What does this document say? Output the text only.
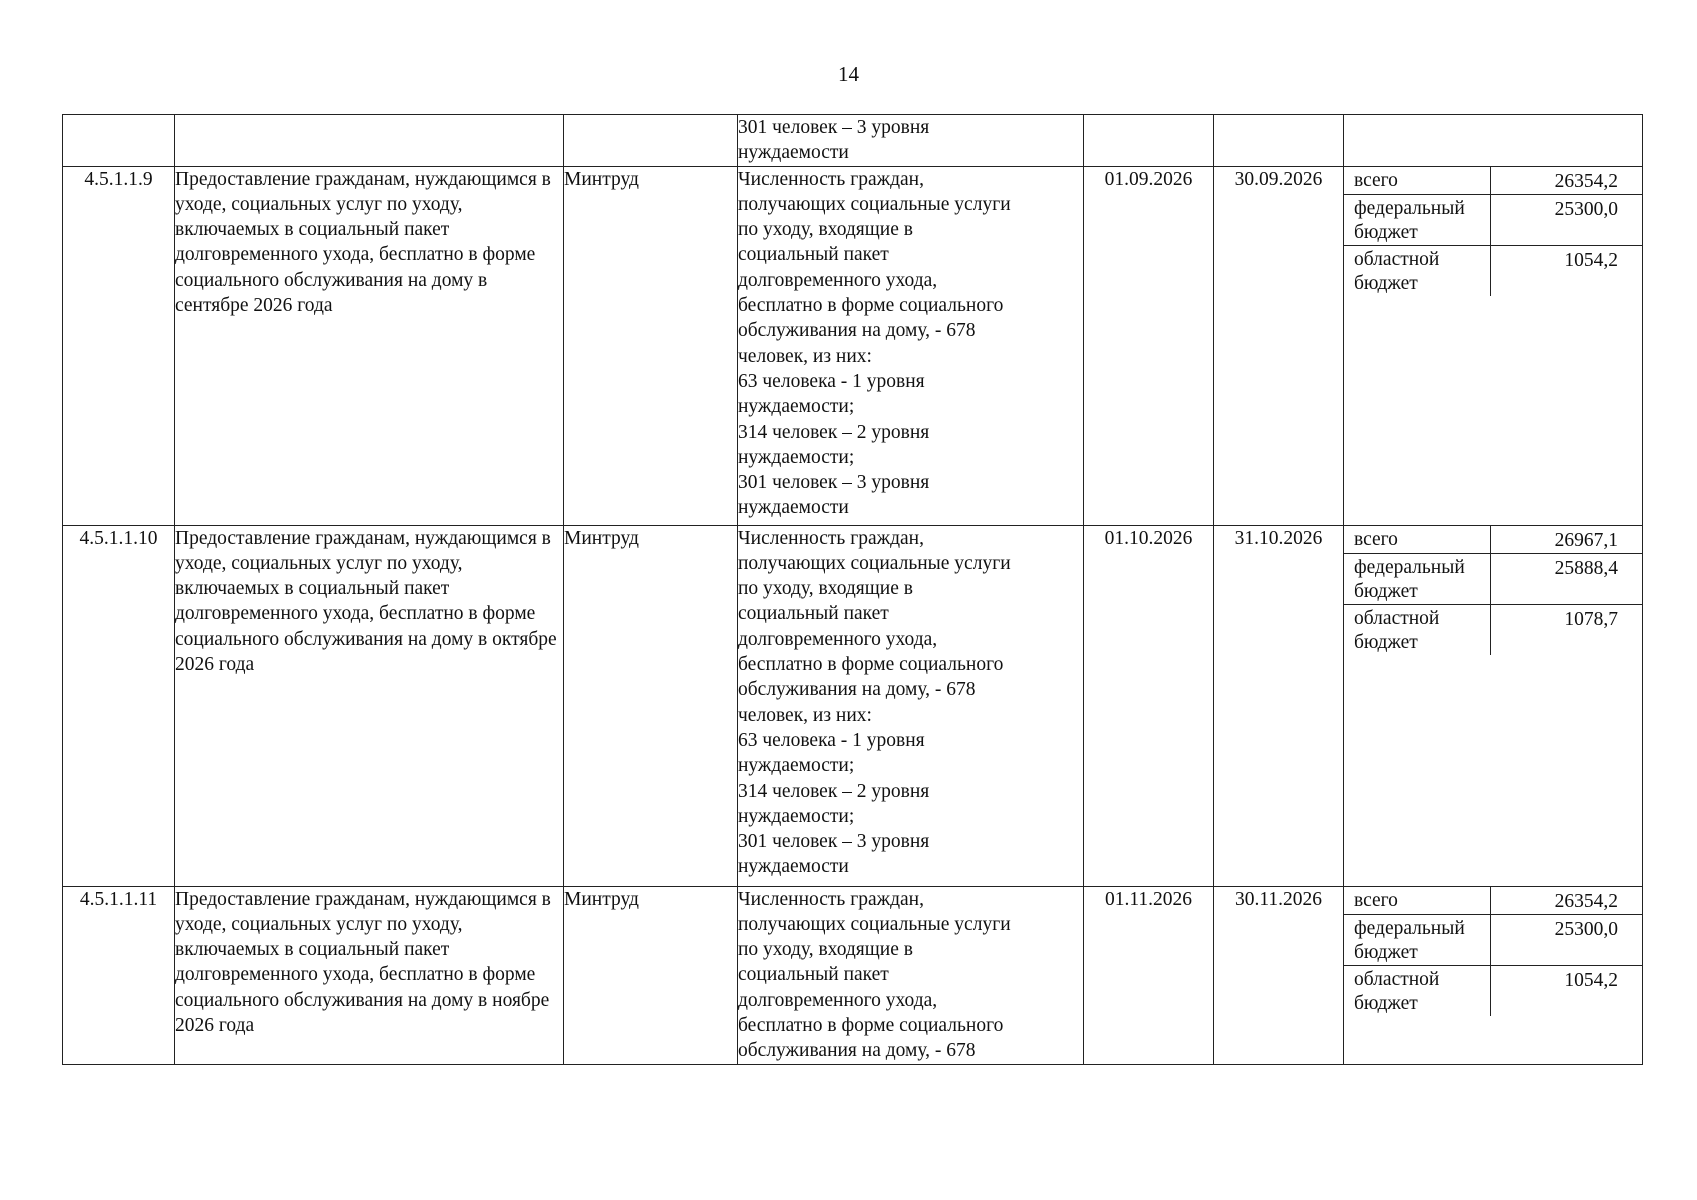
14
			301 человек – 3 уровня
нуждаемости			
4.5.1.1.9	Предоставление гражданам, нуждающимся в уходе, социальных услуг по уходу, включаемых в социальный пакет долговременного ухода, бесплатно в форме социального обслуживания на дому в сентябре 2026 года	Минтруд	Численность граждан,
получающих социальные услуги
по уходу, входящие в
социальный пакет
долговременного ухода,
бесплатно в форме социального
обслуживания на дому, - 678
человек, из них:
63 человека - 1 уровня
нуждаемости;
314 человек – 2 уровня
нуждаемости;
301 человек – 3 уровня
нуждаемости	01.09.2026	30.09.2026	всего	26354,2
федеральный бюджет	25300,0
областной бюджет	1054,2

4.5.1.1.10	Предоставление гражданам, нуждающимся в уходе, социальных услуг по уходу, включаемых в социальный пакет долговременного ухода, бесплатно в форме социального обслуживания на дому в октябре 2026 года	Минтруд	Численность граждан,
получающих социальные услуги
по уходу, входящие в
социальный пакет
долговременного ухода,
бесплатно в форме социального
обслуживания на дому, - 678
человек, из них:
63 человека - 1 уровня
нуждаемости;
314 человек – 2 уровня
нуждаемости;
301 человек – 3 уровня
нуждаемости	01.10.2026	31.10.2026	всего	26967,1
федеральный бюджет	25888,4
областной бюджет	1078,7

4.5.1.1.11	Предоставление гражданам, нуждающимся в уходе, социальных услуг по уходу, включаемых в социальный пакет долговременного ухода, бесплатно в форме социального обслуживания на дому в ноябре 2026 года	Минтруд	Численность граждан,
получающих социальные услуги
по уходу, входящие в
социальный пакет
долговременного ухода,
бесплатно в форме социального
обслуживания на дому, - 678	01.11.2026	30.11.2026	всего	26354,2
федеральный бюджет	25300,0
областной бюджет	1054,2
